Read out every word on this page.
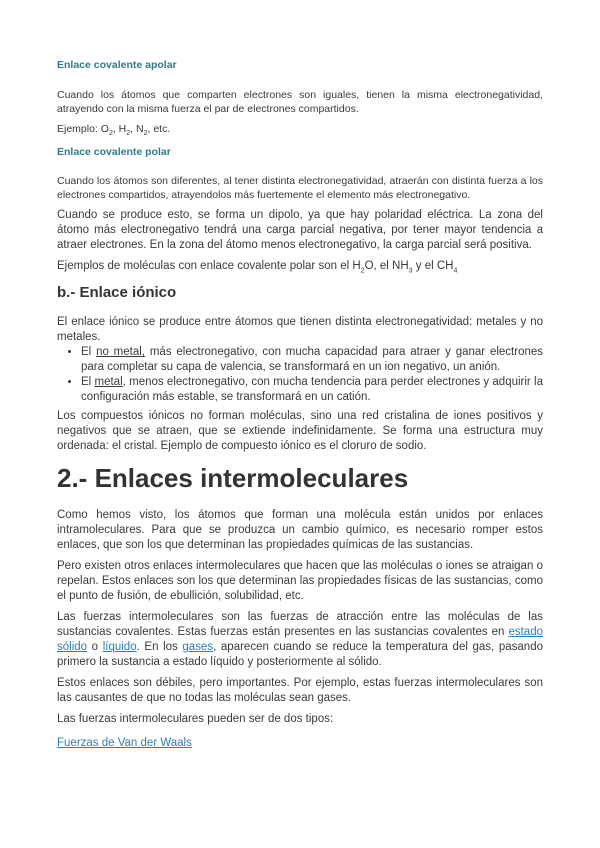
Enlace covalente apolar

Cuando los átomos que comparten electrones son iguales, tienen la misma electronegatividad, atrayendo con la misma fuerza el par de electrones compartidos.

Ejemplo: $O_2$, $H_2$, $N_2$, etc.

Enlace covalente polar

Cuando los átomos son diferentes, al tener distinta electronegatividad, atraerán con distinta fuerza a los electrones compartidos, atrayendolos más fuertemente el elemento más electronegativo.

Cuando se produce esto, se forma un dipolo, ya que hay polaridad eléctrica. La zona del átomo más electronegativo tendrá una carga parcial negativa, por tener mayor tendencia a atraer electrones. En la zona del átomo menos electronegativo, la carga parcial será positiva.

Ejemplos de moléculas con enlace covalente polar son el $H_2O$, el $NH_3$ y el $CH_4$

b.- Enlace iónico

El enlace iónico se produce entre átomos que tienen distinta electronegatividad: metales y no metales.

• El no metal, más electronegativo, con mucha capacidad para atraer y ganar electrones para completar su capa de valencia, se transformará en un ion negativo, un anión.
• El metal, menos electronegativo, con mucha tendencia para perder electrones y adquirir la configuración más estable, se transformará en un catión.

Los compuestos iónicos no forman moléculas, sino una red cristalina de iones positivos y negativos que se atraen, que se extiende indefinidamente. Se forma una estructura muy ordenada: el cristal. Ejemplo de compuesto iónico es el cloruro de sodio.

2.- Enlaces intermoleculares

Como hemos visto, los átomos que forman una molécula están unidos por enlaces intramoleculares. Para que se produzca un cambio químico, es necesario romper estos enlaces, que son los que determinan las propiedades químicas de las sustancias.

Pero existen otros enlaces intermoleculares que hacen que las moléculas o iones se atraigan o repelan. Estos enlaces son los que determinan las propiedades físicas de las sustancias, como el punto de fusión, de ebullición, solubilidad, etc.

Las fuerzas intermoleculares son las fuerzas de atracción entre las moléculas de las sustancias covalentes. Estas fuerzas están presentes en las sustancias covalentes en estado sólido o líquido. En los gases, aparecen cuando se reduce la temperatura del gas, pasando primero la sustancia a estado líquido y posteriormente al sólido.

Estos enlaces son débiles, pero importantes. Por ejemplo, estas fuerzas intermoleculares son las causantes de que no todas las moléculas sean gases.

Las fuerzas intermoleculares pueden ser de dos tipos:

Fuerzas de Van der Waals
